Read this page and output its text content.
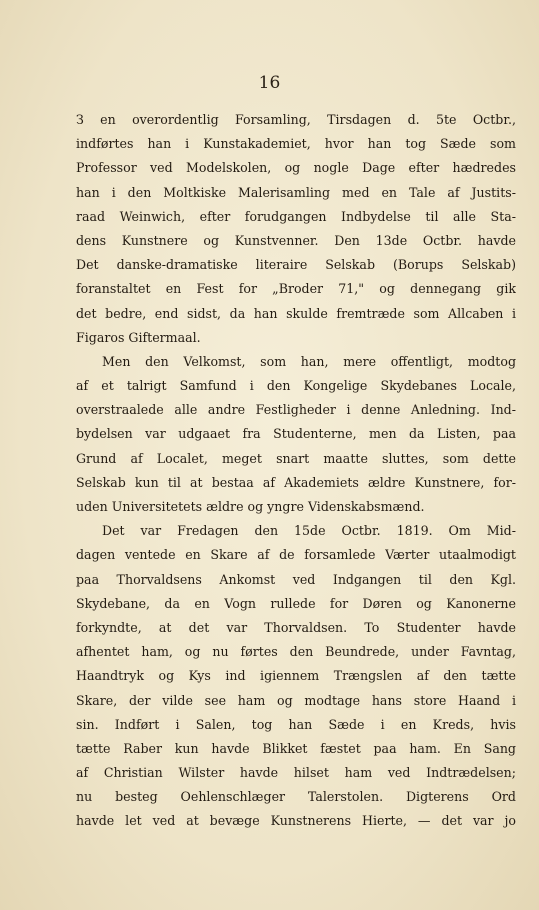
16
З en overordentlig Forsamling, Tirsdagen d. 5te Octbr.,
indførtes han i Kunstakademiet, hvor han tog Sæde som
Professor ved Modelskolen, og nogle Dage efter hædredes
han i den Moltkiske Malerisamling med en Tale af Justits-
raad Weinwich, efter forudgangen Indbydelse til alle Sta-
dens Kunstnere og Kunstvenner. Den 13de Octbr. havde
Det danske-dramatiske literaire Selskab (Borups Selskab)
foranstaltet en Fest for „Broder 71," og dennegang gik
det bedre, end sidst, da han skulde fremtræde som Allcaben i
Figaros Giftermaal.
Men den Velkomst, som han, mere offentligt, modtog
af et talrigt Samfund i den Kongelige Skydebanes Locale,
overstraalede alle andre Festligheder i denne Anledning. Ind-
bydelsen var udgaaet fra Studenterne, men da Listen, paa
Grund af Localet, meget snart maatte sluttes, som dette
Selskab kun til at bestaa af Akademiets ældre Kunstnere, for-
uden Universitetets ældre og yngre Videnskabsmænd.
Det var Fredagen den 15de Octbr. 1819. Om Mid-
dagen ventede en Skare af de forsamlede Værter utaalmodigt
paa Thorvaldsens Ankomst ved Indgangen til den Kgl.
Skydebane, da en Vogn rullede for Døren og Kanonerne
forkyndte, at det var Thorvaldsen. To Studenter havde
afhentet ham, og nu førtes den Beundrede, under Favntag,
Haandtryk og Kys ind igiennem Trængslen af den tætte
Skare, der vilde see ham og modtage hans store Haand i
sin. Indført i Salen, tog han Sæde i en Kreds, hvis
tætte Raber kun havde Blikket fæstet paa ham. En Sang
af Christian Wilster havde hilset ham ved Indtrædelsen;
nu besteg Oehlenschlæger Talerstolen. Digterens Ord
havde let ved at bevæge Kunstnerens Hierte, — det var jo
